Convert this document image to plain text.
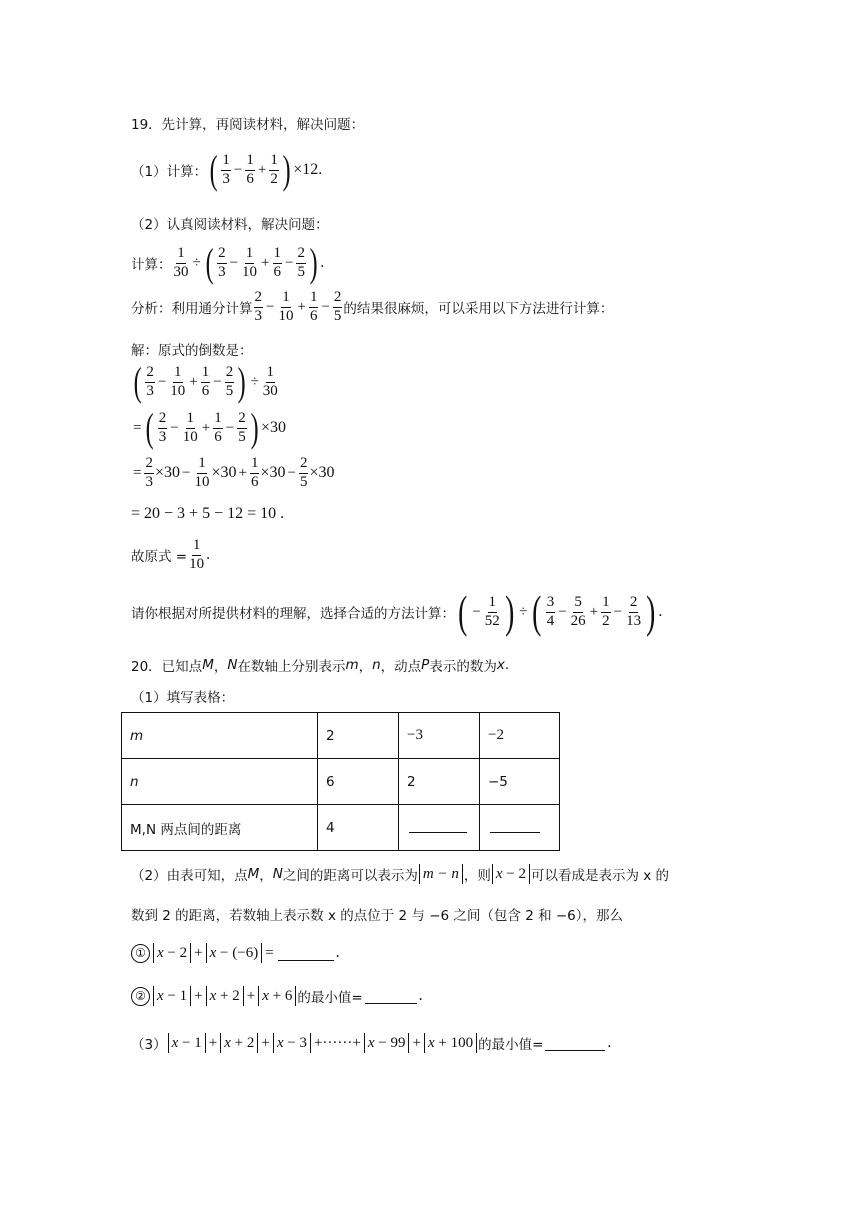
19．先计算，再阅读材料，解决问题：
（1）计算： ( $\frac{1}{3} - \frac{1}{6} + \frac{1}{2}$ ) ×12 .
（2）认真阅读材料，解决问题：
计算： $\frac{1}{30}$ ÷ ( $\frac{2}{3} - \frac{1}{10} + \frac{1}{6} - \frac{2}{5}$ ) .
分析：利用通分计算 $\frac{2}{3} - \frac{1}{10} + \frac{1}{6} - \frac{2}{5}$ 的结果很麻烦，可以采用以下方法进行计算：
解：原式的倒数是：
( $\frac{2}{3} - \frac{1}{10} + \frac{1}{6} - \frac{2}{5}$ ) ÷ $\frac{1}{30}$
= ( $\frac{2}{3} - \frac{1}{10} + \frac{1}{6} - \frac{2}{5}$ ) ×30
= $\frac{2}{3} \times 30 - \frac{1}{10} \times 30 + \frac{1}{6} \times 30 - \frac{2}{5} \times 30$
= 20 − 3 + 5 − 12 = 10 .
故原式 = $\frac{1}{10}$ .
请你根据对所提供材料的理解，选择合适的方法计算： ( − $\frac{1}{52}$ ) ÷ ( $\frac{3}{4} - \frac{5}{26} + \frac{1}{2} - \frac{2}{13}$ ) .
20．已知点 M ， N 在数轴上分别表示 m ， n ，动点 P 表示的数为 x .
（1）填写表格：
m	2	−3	−2
n	6	2	−5
M,N 两点间的距离	4		
（2）由表可知，点 M ， N 之间的距离可以表示为 m − n ，则 x − 2 可以看成是表示为 x 的
数到 2 的距离，若数轴上表示数 x 的点位于 2 与 −6 之间（包含 2 和 −6），那么
① x − 2 + x − (−6) =	.
② x − 1 + x + 2 + x + 6 的最小值=	.
（3） x − 1 + x + 2 + x − 3 +······+ x − 99 + x + 100 的最小值=	.
